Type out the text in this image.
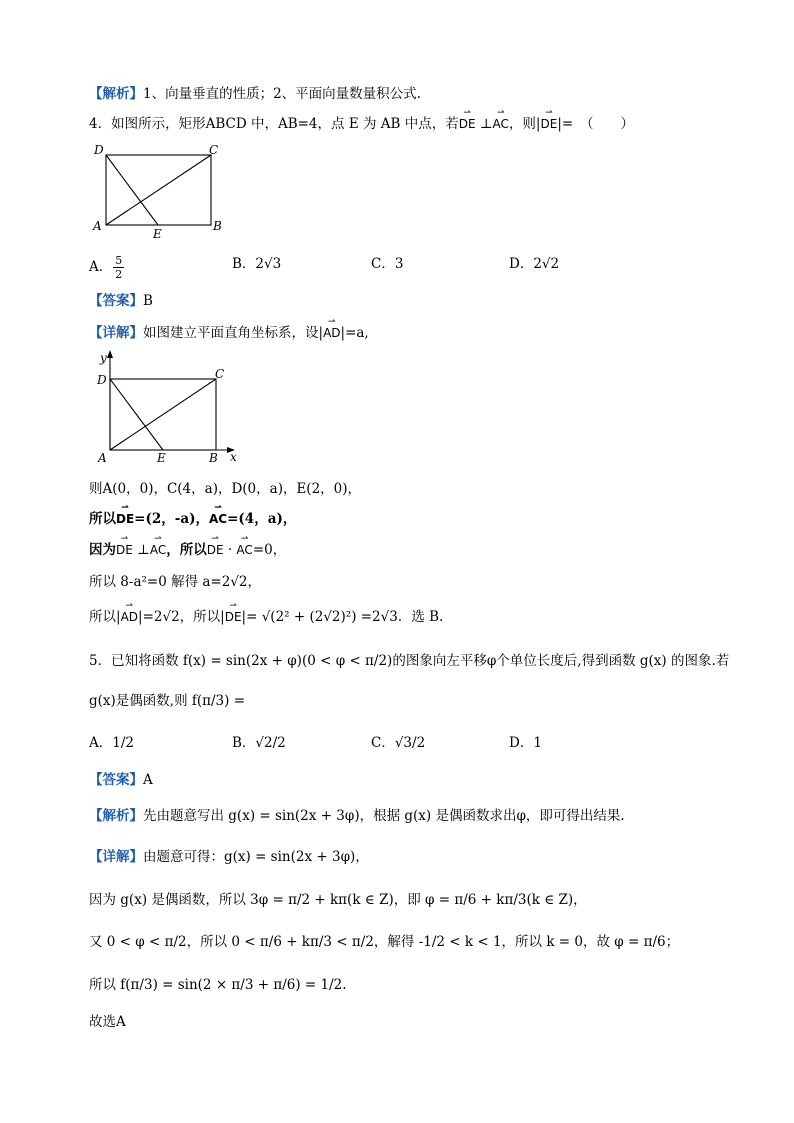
【解析】1、向量垂直的性质；2、平面向量数量积公式.
4．如图所示，矩形ABCD 中，AB=4，点 E 为 AB 中点，若⇀ DE ⊥⇀ AC，则|⇀ DE|=　（　　）
D	C
A
E
B
A． $\frac{5}{2}$	B．2√3	C．3	D．2√2
【答案】B
【详解】如图建立平面直角坐标系，设|⇀ AD|=a,
y
D	C
A	E	B x
则A(0，0)，C(4，a)，D(0，a)，E(2，0)，
所以⇀ DE=(2，-a)，⇀ AC=(4，a)，
因为⇀ DE ⊥⇀ AC，所以⇀ DE · ⇀ AC=0，
所以 8-a²=0 解得 a=2√2，
所以|⇀ AD|=2√2，所以|⇀ DE|= √(2² + (2√2)²) =2√3．选 B.
5．已知将函数 f(x) = sin(2x + φ)(0 < φ < π/2)的图象向左平移φ个单位长度后,得到函数 g(x) 的图象.若
g(x)是偶函数,则 f(π/3) =
A．1/2	B．√2/2	C．√3/2	D．1
【答案】A
【解析】先由题意写出 g(x) = sin(2x + 3φ)，根据 g(x) 是偶函数求出φ，即可得出结果.
【详解】由题意可得：g(x) = sin(2x + 3φ)，
因为 g(x) 是偶函数，所以 3φ = π/2 + kπ(k ∈ Z)，即 φ = π/6 + kπ/3(k ∈ Z)，
又 0 < φ < π/2，所以 0 < π/6 + kπ/3 < π/2，解得 -1/2 < k < 1，所以 k = 0，故 φ = π/6；
所以 f(π/3) = sin(2 × π/3 + π/6) = 1/2.
故选A
